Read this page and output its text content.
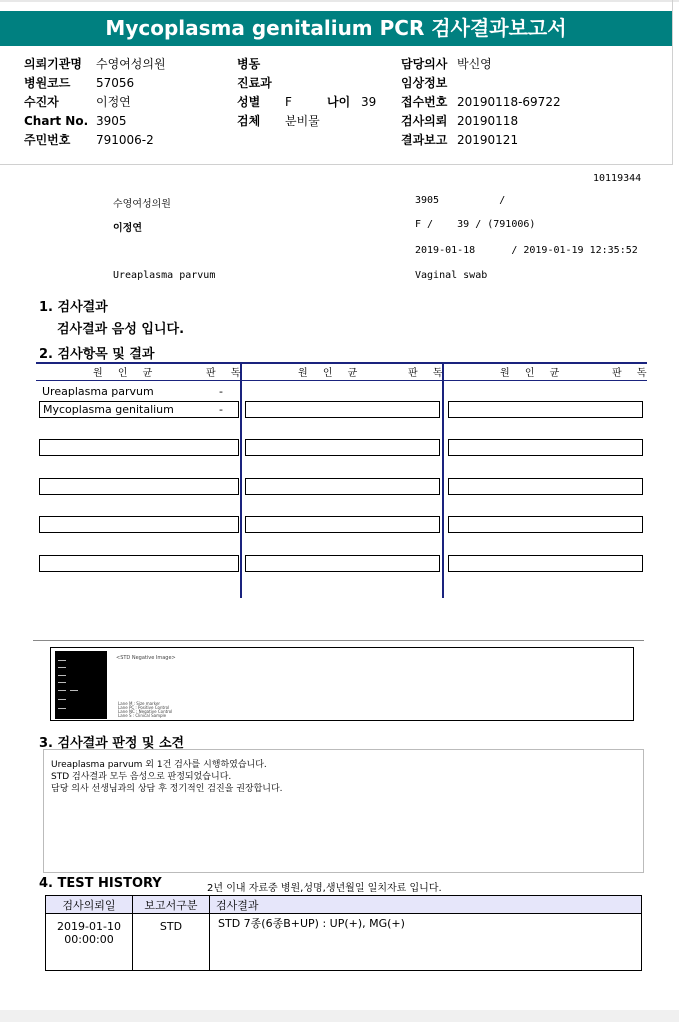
Mycoplasma genitalium PCR 검사결과보고서
의뢰기관명 수영여성의원
병원코드 57056
수진자	이정연
Chart No. 3905
주민번호 791006-2
병동
진료과
성별 F	나이 39
검체 분비물
담당의사 박신영
임상정보
접수번호 20190118-69722
검사의뢰 20190118
결과보고 20190121
10119344
수영여성의원	3905          /
이정연	F /    39 / (791006)
2019-01-18      / 2019-01-19 12:35:52
Ureaplasma parvum	Vaginal swab
1. 검사결과
검사결과 음성 입니다.
2. 검사항목 및 결과
원 인 균	판 독	원 인 균	판 독	원 인 균	판 독
Ureaplasma parvum	-
Mycoplasma genitalium	-
<STD Negative Image>
Lane M : Size marker
Lane PC : Positive Control
Lane NC : Negative Control
Lane S : Clinical Sample
3. 검사결과 판정 및 소견
Ureaplasma parvum 외 1건 검사를 시행하였습니다.
STD 검사결과 모두 음성으로 판정되었습니다.
담당 의사 선생님과의 상담 후 정기적인 검진을 권장합니다.
4. TEST HISTORY	2년 이내 자료중 병원,성명,생년월일 일치자료 입니다.
검사의뢰일	보고서구분	검사결과

2019-01-10
00:00:00	STD	STD 7종(6종B+UP) : UP(+), MG(+)
